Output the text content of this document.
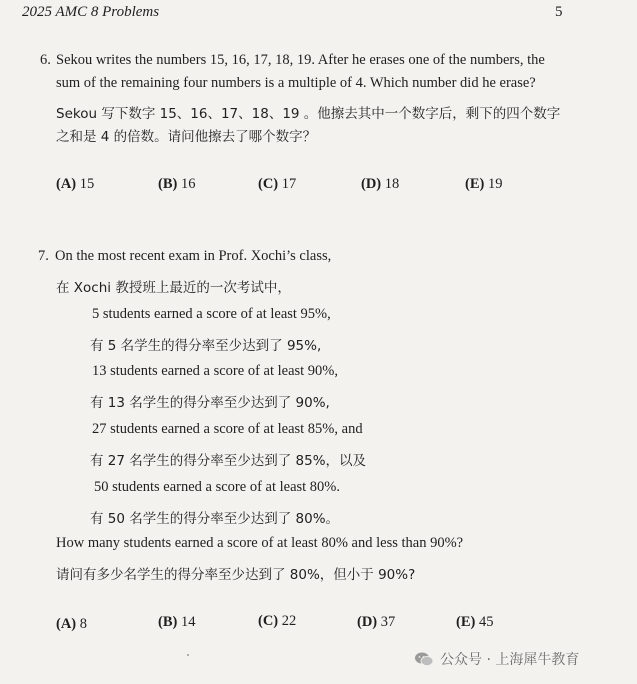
2025 AMC 8 Problems	5
6. Sekou writes the numbers 15, 16, 17, 18, 19. After he erases one of the numbers, the
sum of the remaining four numbers is a multiple of 4. Which number did he erase?
Sekou 写下数字 15、16、17、18、19 。他擦去其中一个数字后，剩下的四个数字
之和是 4 的倍数。请问他擦去了哪个数字？
(A) 15	(B) 16	(C) 17	(D) 18	(E) 19
7. On the most recent exam in Prof. Xochi’s class,
在 Xochi 教授班上最近的一次考试中，
5 students earned a score of at least 95%,
有 5 名学生的得分率至少达到了 95%,
13 students earned a score of at least 90%,
有 13 名学生的得分率至少达到了 90%,
27 students earned a score of at least 85%, and
有 27 名学生的得分率至少达到了 85%，以及
50 students earned a score of at least 80%.
有 50 名学生的得分率至少达到了 80%。
How many students earned a score of at least 80% and less than 90%?
请问有多少名学生的得分率至少达到了 80%，但小于 90%?
(A) 8	(B) 14	(C) 22	(D) 37	(E) 45
公众号 · 上海犀牛教育
